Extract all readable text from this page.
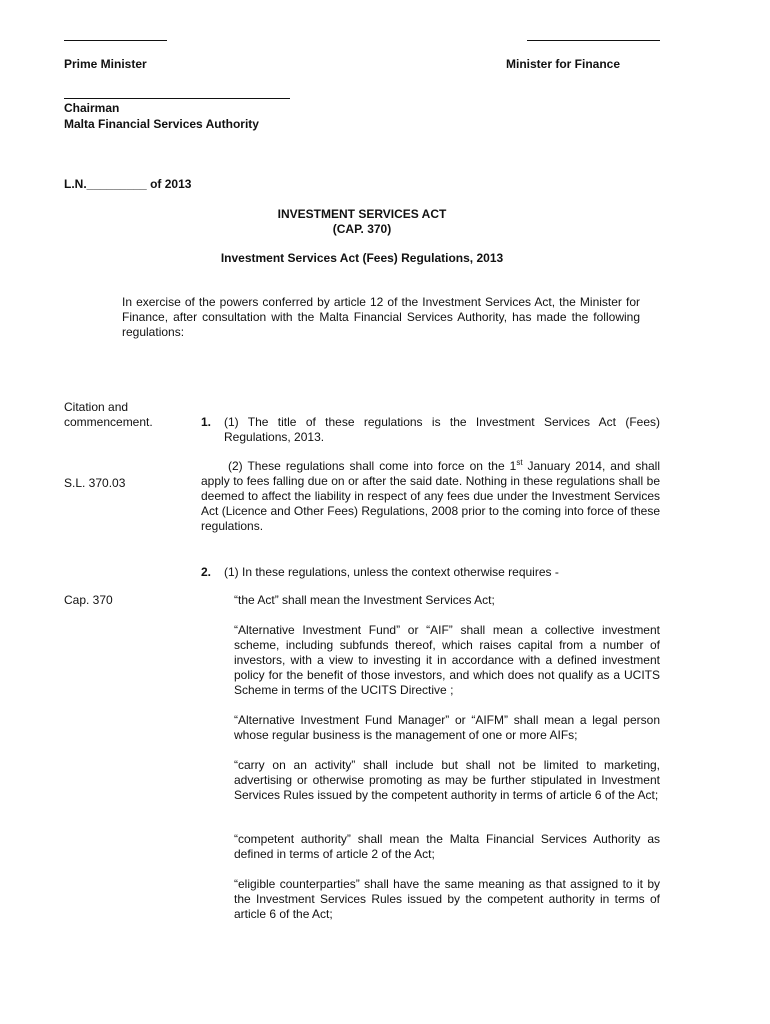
Prime Minister	Minister for Finance
Chairman
Malta Financial Services Authority
L.N._________ of 2013
INVESTMENT SERVICES ACT
(CAP. 370)
Investment Services Act (Fees) Regulations, 2013
In exercise of the powers conferred by article 12 of the Investment Services Act, the Minister for Finance, after consultation with the Malta Financial Services Authority, has made the following regulations:
Citation and commencement.
S.L. 370.03
Cap. 370
1. (1) The title of these regulations is the Investment Services Act (Fees) Regulations, 2013.
(2) These regulations shall come into force on the 1st January 2014, and shall apply to fees falling due on or after the said date. Nothing in these regulations shall be deemed to affect the liability in respect of any fees due under the Investment Services Act (Licence and Other Fees) Regulations, 2008 prior to the coming into force of these regulations.
2. (1) In these regulations, unless the context otherwise requires -
“the Act” shall mean the Investment Services Act;
“Alternative Investment Fund” or “AIF” shall mean a collective investment scheme, including subfunds thereof, which raises capital from a number of investors, with a view to investing it in accordance with a defined investment policy for the benefit of those investors, and which does not qualify as a UCITS Scheme in terms of the UCITS Directive ;
“Alternative Investment Fund Manager” or “AIFM” shall mean a legal person whose regular business is the management of one or more AIFs;
“carry on an activity” shall include but shall not be limited to marketing, advertising or otherwise promoting as may be further stipulated in Investment Services Rules issued by the competent authority in terms of article 6 of the Act;
“competent authority” shall mean the Malta Financial Services Authority as defined in terms of article 2 of the Act;
“eligible counterparties” shall have the same meaning as that assigned to it by the Investment Services Rules issued by the competent authority in terms of article 6 of the Act;
